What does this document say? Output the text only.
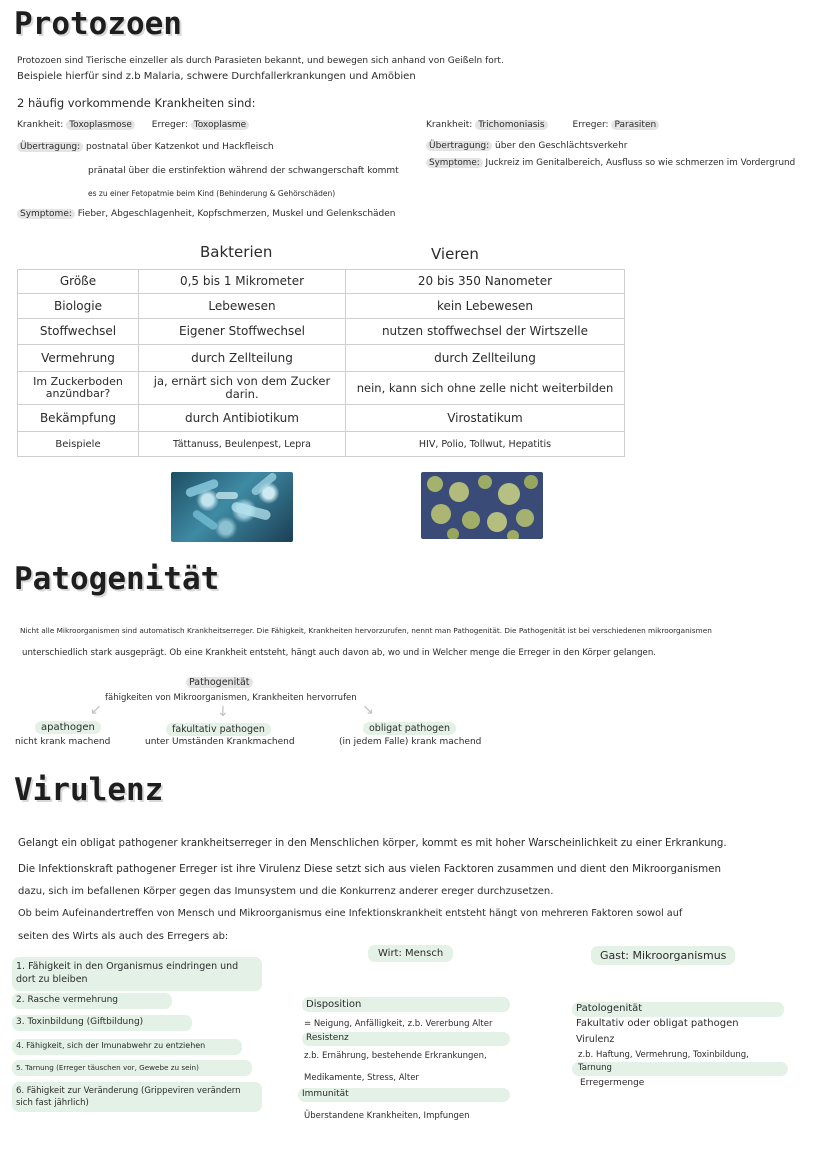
Protozoen
Protozoen sind Tierische einzeller als durch Parasieten bekannt, und bewegen sich anhand von Geißeln fort.
Beispiele hierfür sind z.b Malaria, schwere Durchfallerkrankungen und Amöbien
2 häufig vorkommende Krankheiten sind:
Krankheit: Toxoplasmose Erreger: Toxoplasme
Übertragung: postnatal über Katzenkot und Hackfleisch
pränatal über die erstinfektion während der schwangerschaft kommt
es zu einer Fetopatmie beim Kind (Behinderung & Gehörschäden)
Symptome: Fieber, Abgeschlagenheit, Kopfschmerzen, Muskel und Gelenkschäden
Krankheit: Trichomoniasis	Erreger: Parasiten
Übertragung: über den Geschlächtsverkehr
Symptome: Juckreiz im Genitalbereich, Ausfluss so wie schmerzen im Vordergrund
Bakterien	Vieren
Größe	0,5 bis 1 Mikrometer	20 bis 350 Nanometer
Biologie	Lebewesen	kein Lebewesen
Stoffwechsel	Eigener Stoffwechsel	nutzen stoffwechsel der Wirtszelle
Vermehrung	durch Zellteilung	durch Zellteilung
Im Zuckerboden anzündbar?	ja, ernärt sich von dem Zucker darin.	nein, kann sich ohne zelle nicht weiterbilden
Bekämpfung	durch Antibiotikum	Virostatikum
Beispiele	Tättanuss, Beulenpest, Lepra	HIV, Polio, Tollwut, Hepatitis
Patogenität
Nicht alle Mikroorganismen sind automatisch Krankheitserreger. Die Fähigkeit, Krankheiten hervorzurufen, nennt man Pathogenität. Die Pathogenität ist bei verschiedenen mikroorganismen
unterschiedlich stark ausgeprägt. Ob eine Krankheit entsteht, hängt auch davon ab, wo und in Welcher menge die Erreger in den Körper gelangen.
Pathogenität
fähigkeiten von Mikroorganismen, Krankheiten hervorrufen
↙	↓	↘
apathogen
nicht krank machend
fakultativ pathogen
unter Umständen Krankmachend
obligat pathogen
(in jedem Falle) krank machend
Virulenz
Gelangt ein obligat pathogener krankheitserreger in den Menschlichen körper, kommt es mit hoher Warscheinlichkeit zu einer Erkrankung.
Die Infektionskraft pathogener Erreger ist ihre Virulenz Diese setzt sich aus vielen Facktoren zusammen und dient den Mikroorganismen
dazu, sich im befallenen Körper gegen das Imunsystem und die Konkurrenz anderer ereger durchzusetzen.
Ob beim Aufeinandertreffen von Mensch und Mikroorganismus eine Infektionskrankheit entsteht hängt von mehreren Faktoren sowol auf
seiten des Wirts als auch des Erregers ab:
1. Fähigkeit in den Organismus eindringen und dort zu bleiben
2. Rasche vermehrung
3. Toxinbildung (Giftbildung)
4. Fähigkeit, sich der Imunabwehr zu entziehen
5. Tarnung (Erreger täuschen vor, Gewebe zu sein)
6. Fähigkeit zur Veränderung (Grippeviren verändern sich fast jährlich)
Wirt: Mensch
Disposition
= Neigung, Anfälligkeit, z.b. Vererbung Alter
Resistenz
z.b. Ernährung, bestehende Erkrankungen,
Medikamente, Stress, Alter
Immunität
Überstandene Krankheiten, Impfungen
Gast: Mikroorganismus
Patologenität
Fakultativ oder obligat pathogen
Virulenz
z.b. Haftung, Vermehrung, Toxinbildung,
Tarnung
Erregermenge
